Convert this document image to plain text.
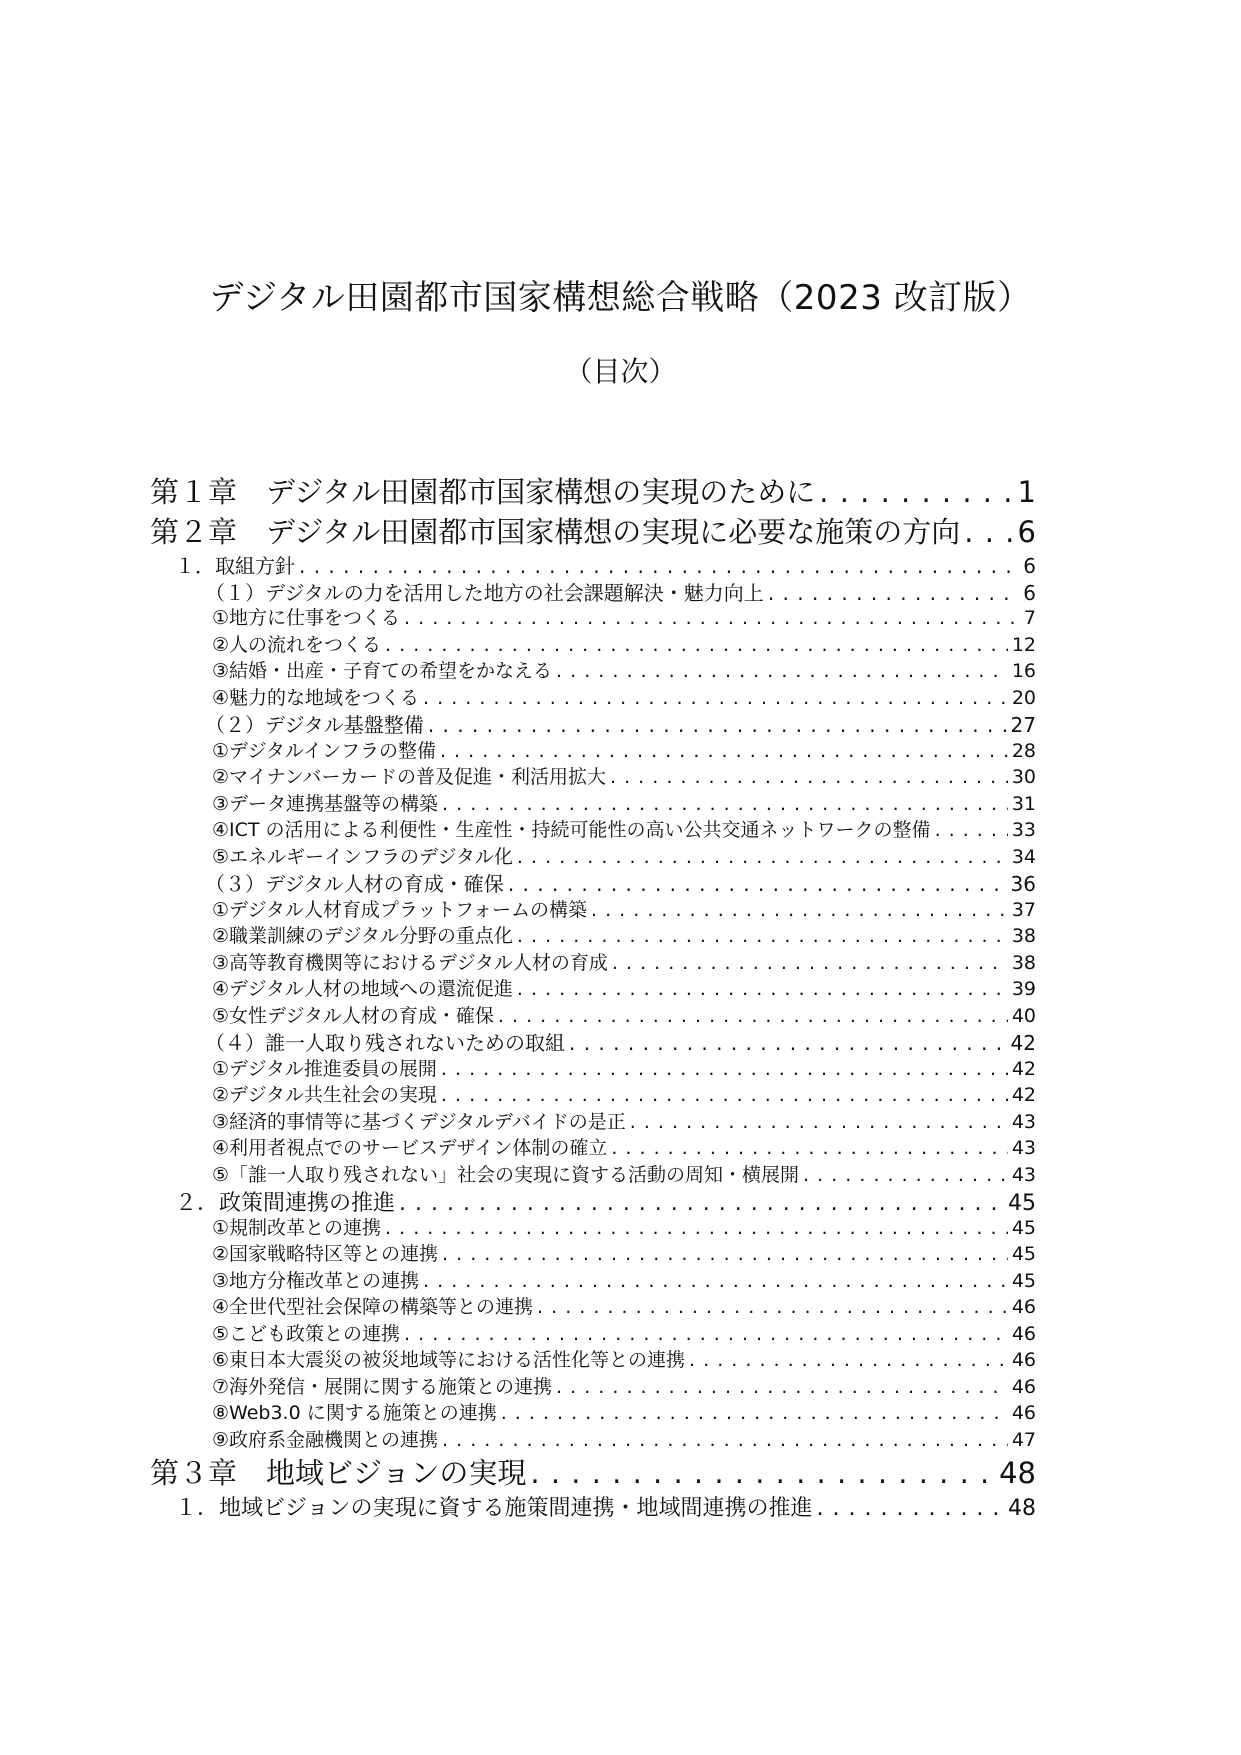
デジタル田園都市国家構想総合戦略（2023 改訂版）
（目次）
第１章　デジタル田園都市国家構想の実現のために . . .	1
第２章　デジタル田園都市国家構想の実現に必要な施策の方向 . . . 6
１．取組方針 . . .	6
（１）デジタルの力を活用した地方の社会課題解決・魅力向上 . . .	6
①地方に仕事をつくる . . .	7
②人の流れをつくる . . .	12
③結婚・出産・子育ての希望をかなえる . . .	16
④魅力的な地域をつくる . . .	20
（２）デジタル基盤整備 . . .	27
①デジタルインフラの整備 . . .	28
②マイナンバーカードの普及促進・利活用拡大 . . .	30
③データ連携基盤等の構築 . . .	31
④ICT の活用による利便性・生産性・持続可能性の高い公共交通ネットワークの整備 . . .	33
⑤エネルギーインフラのデジタル化 . . .	34
（３）デジタル人材の育成・確保 . . .	36
①デジタル人材育成プラットフォームの構築 . . .	37
②職業訓練のデジタル分野の重点化 . . .	38
③高等教育機関等におけるデジタル人材の育成 . . .	38
④デジタル人材の地域への還流促進 . . .	39
⑤女性デジタル人材の育成・確保 . . .	40
（４）誰一人取り残されないための取組 . . .	42
①デジタル推進委員の展開 . . .	42
②デジタル共生社会の実現 . . .	42
③経済的事情等に基づくデジタルデバイドの是正 . . .	43
④利用者視点でのサービスデザイン体制の確立 . . .	43
⑤「誰一人取り残されない」社会の実現に資する活動の周知・横展開 . . .	43
２．政策間連携の推進 . . .	45
①規制改革との連携 . . .	45
②国家戦略特区等との連携 . . .	45
③地方分権改革との連携 . . .	45
④全世代型社会保障の構築等との連携 . . .	46
⑤こども政策との連携 . . .	46
⑥東日本大震災の被災地域等における活性化等との連携 . . .	46
⑦海外発信・展開に関する施策との連携 . . .	46
⑧Web3.0 に関する施策との連携 . . .	46
⑨政府系金融機関との連携 . . .	47
第３章　地域ビジョンの実現 . . .	48
１．地域ビジョンの実現に資する施策間連携・地域間連携の推進 . . .	48
